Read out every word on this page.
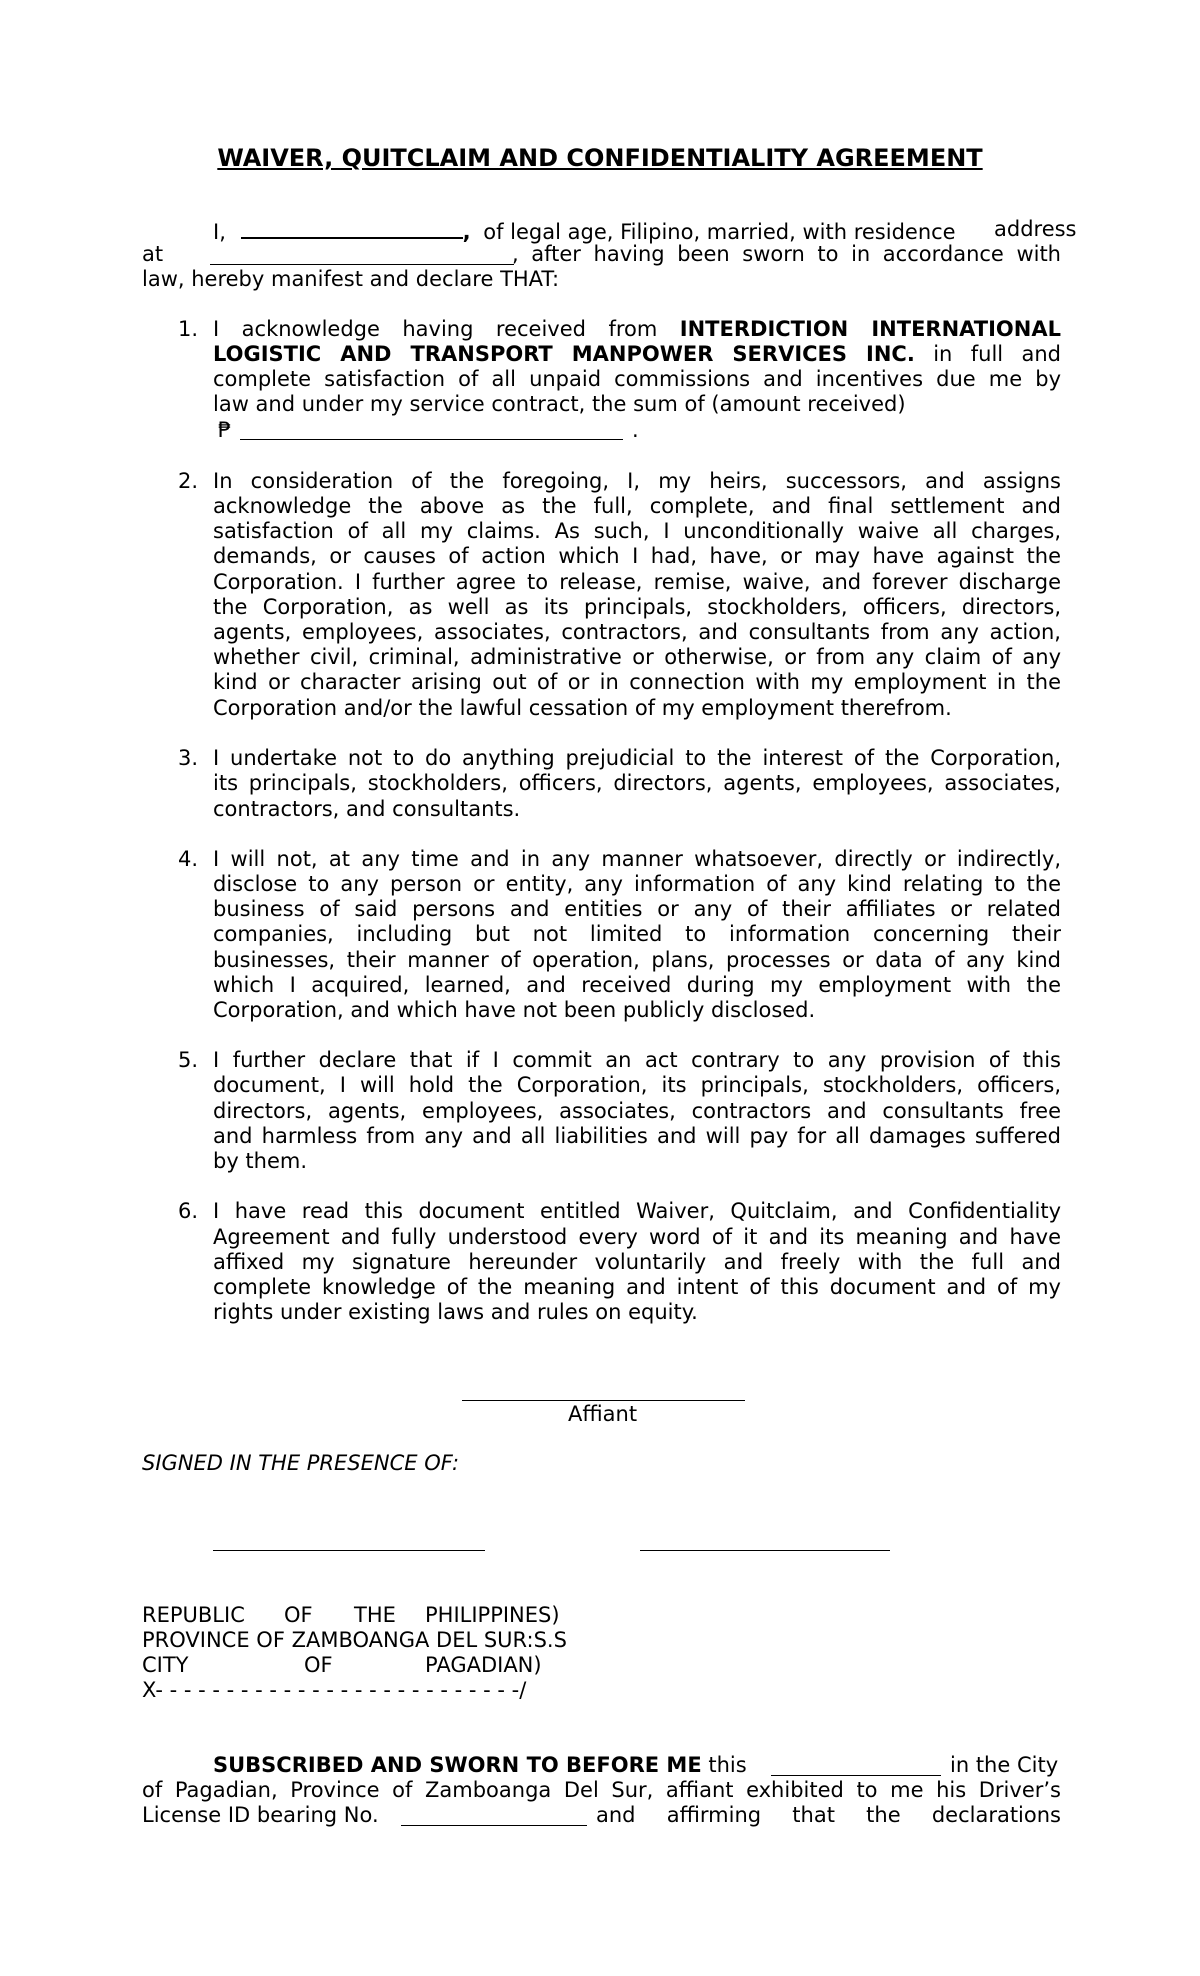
WAIVER, QUITCLAIM AND CONFIDENTIALITY AGREEMENT
I,	, of legal age, Filipino, married, with residence address
at	, after having been sworn to in accordance with
law, hereby manifest and declare THAT:
1. I acknowledge having received from INTERDICTION INTERNATIONAL
LOGISTIC AND TRANSPORT MANPOWER SERVICES INC. in full and
complete satisfaction of all unpaid commissions and incentives due me by
law and under my service contract, the sum of (amount received)
₱	.
2. In consideration of the foregoing, I, my heirs, successors, and assigns
acknowledge the above as the full, complete, and final settlement and
satisfaction of all my claims. As such, I unconditionally waive all charges,
demands, or causes of action which I had, have, or may have against the
Corporation. I further agree to release, remise, waive, and forever discharge
the Corporation, as well as its principals, stockholders, officers, directors,
agents, employees, associates, contractors, and consultants from any action,
whether civil, criminal, administrative or otherwise, or from any claim of any
kind or character arising out of or in connection with my employment in the
Corporation and/or the lawful cessation of my employment therefrom.
3. I undertake not to do anything prejudicial to the interest of the Corporation,
its principals, stockholders, officers, directors, agents, employees, associates,
contractors, and consultants.
4. I will not, at any time and in any manner whatsoever, directly or indirectly,
disclose to any person or entity, any information of any kind relating to the
business of said persons and entities or any of their affiliates or related
companies, including but not limited to information concerning their
businesses, their manner of operation, plans, processes or data of any kind
which I acquired, learned, and received during my employment with the
Corporation, and which have not been publicly disclosed.
5. I further declare that if I commit an act contrary to any provision of this
document, I will hold the Corporation, its principals, stockholders, officers,
directors, agents, employees, associates, contractors and consultants free
and harmless from any and all liabilities and will pay for all damages suffered
by them.
6. I have read this document entitled Waiver, Quitclaim, and Confidentiality
Agreement and fully understood every word of it and its meaning and have
affixed my signature hereunder voluntarily and freely with the full and
complete knowledge of the meaning and intent of this document and of my
rights under existing laws and rules on equity.
Affiant
SIGNED IN THE PRESENCE OF:
REPUBLIC OF THE PHILIPPINES)
PROVINCE OF ZAMBOANGA DEL SUR:S.S
CITY	OF	PAGADIAN)
X- - - - - - - - - - - - - - - - - - - - - - - - - -/
SUBSCRIBED AND SWORN TO BEFORE ME this	in the City
of Pagadian, Province of Zamboanga Del Sur, affiant exhibited to me his Driver’s
License ID bearing No.	and affirming that the declarations
